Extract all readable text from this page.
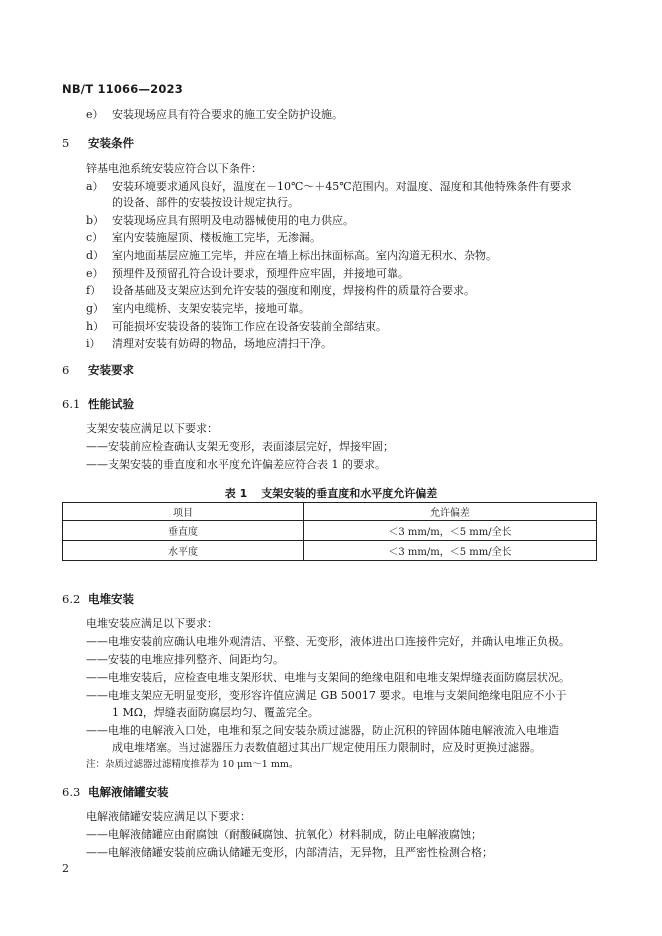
NB/T 11066—2023
e） 安装现场应具有符合要求的施工安全防护设施。
5 安装条件
锌基电池系统安装应符合以下条件：
a） 安装环境要求通风良好，温度在－10℃～＋45℃范围内。对温度、湿度和其他特殊条件有要求
的设备、部件的安装按设计规定执行。
b） 安装现场应具有照明及电动器械使用的电力供应。
c） 室内安装施屋顶、楼板施工完毕，无渗漏。
d） 室内地面基层应施工完毕，并应在墙上标出抹面标高。室内沟道无积水、杂物。
e） 预埋件及预留孔符合设计要求，预埋件应牢固，并接地可靠。
f） 设备基础及支架应达到允许安装的强度和刚度，焊接构件的质量符合要求。
g） 室内电缆桥、支架安装完毕，接地可靠。
h） 可能损坏安装设备的装饰工作应在设备安装前全部结束。
i） 清理对安装有妨碍的物品，场地应清扫干净。
6 安装要求
6.1 性能试验
支架安装应满足以下要求：
——安装前应检查确认支架无变形，表面漆层完好，焊接牢固；
——支架安装的垂直度和水平度允许偏差应符合表 1 的要求。
表 1 支架安装的垂直度和水平度允许偏差
项目	允许偏差
垂直度	＜3 mm/m，＜5 mm/全长
水平度	＜3 mm/m，＜5 mm/全长
6.2 电堆安装
电堆安装应满足以下要求：
——电堆安装前应确认电堆外观清洁、平整、无变形，液体进出口连接件完好，并确认电堆正负极。
——安装的电堆应排列整齐、间距均匀。
——电堆安装后，应检查电堆支架形状、电堆与支架间的绝缘电阻和电堆支架焊缝表面防腐层状况。
——电堆支架应无明显变形，变形容许值应满足 GB 50017 要求。电堆与支架间绝缘电阻应不小于
1 MΩ，焊缝表面防腐层均匀、覆盖完全。
——电堆的电解液入口处，电堆和泵之间安装杂质过滤器，防止沉积的锌固体随电解液流入电堆造
成电堆堵塞。当过滤器压力表数值超过其出厂规定使用压力限制时，应及时更换过滤器。
注：杂质过滤器过滤精度推荐为 10 μm～1 mm。
6.3 电解液储罐安装
电解液储罐安装应满足以下要求：
——电解液储罐应由耐腐蚀（耐酸碱腐蚀、抗氧化）材料制成，防止电解液腐蚀；
——电解液储罐安装前应确认储罐无变形，内部清洁，无异物，且严密性检测合格；
2
